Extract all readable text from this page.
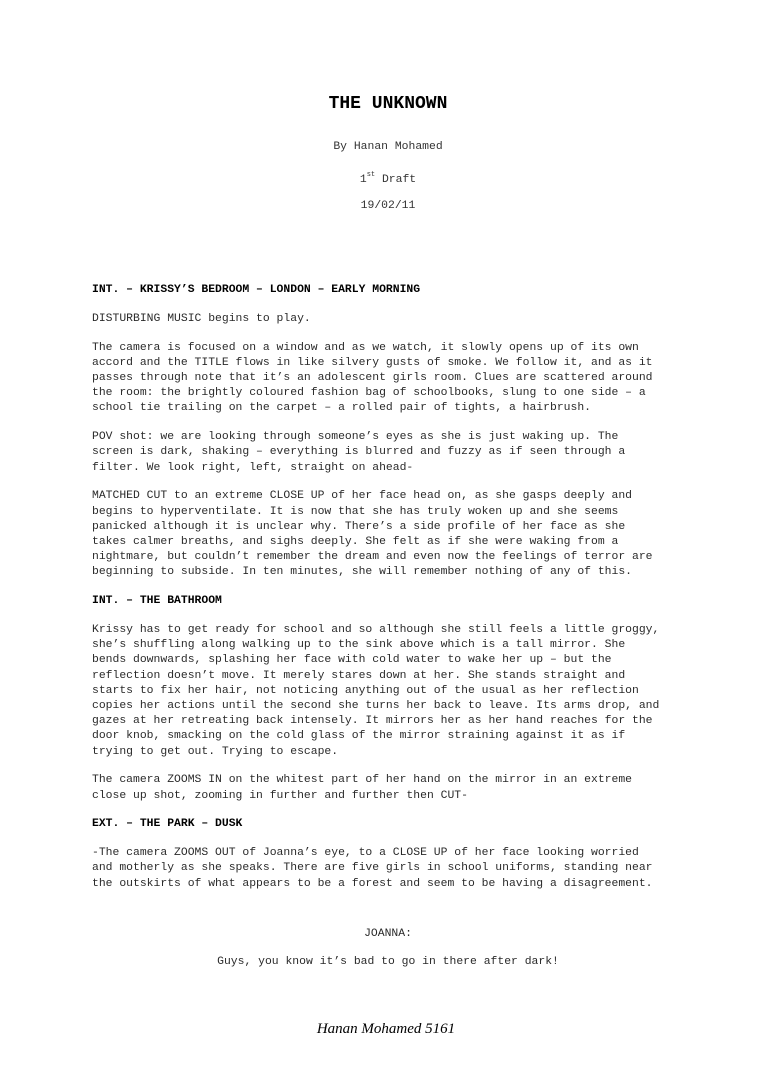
THE UNKNOWN
By Hanan Mohamed
1st Draft
19/02/11
INT. – KRISSY’S BEDROOM – LONDON – EARLY MORNING
DISTURBING MUSIC begins to play.
The camera is focused on a window and as we watch, it slowly opens up of its own
accord and the TITLE flows in like silvery gusts of smoke. We follow it, and as it
passes through note that it’s an adolescent girls room. Clues are scattered around
the room: the brightly coloured fashion bag of schoolbooks, slung to one side – a
school tie trailing on the carpet – a rolled pair of tights, a hairbrush.
POV shot: we are looking through someone’s eyes as she is just waking up. The
screen is dark, shaking – everything is blurred and fuzzy as if seen through a
filter. We look right, left, straight on ahead-
MATCHED CUT to an extreme CLOSE UP of her face head on, as she gasps deeply and
begins to hyperventilate. It is now that she has truly woken up and she seems
panicked although it is unclear why. There’s a side profile of her face as she
takes calmer breaths, and sighs deeply. She felt as if she were waking from a
nightmare, but couldn’t remember the dream and even now the feelings of terror are
beginning to subside. In ten minutes, she will remember nothing of any of this.
INT. – THE BATHROOM
Krissy has to get ready for school and so although she still feels a little groggy,
she’s shuffling along walking up to the sink above which is a tall mirror. She
bends downwards, splashing her face with cold water to wake her up – but the
reflection doesn’t move. It merely stares down at her. She stands straight and
starts to fix her hair, not noticing anything out of the usual as her reflection
copies her actions until the second she turns her back to leave. Its arms drop, and
gazes at her retreating back intensely. It mirrors her as her hand reaches for the
door knob, smacking on the cold glass of the mirror straining against it as if
trying to get out. Trying to escape.
The camera ZOOMS IN on the whitest part of her hand on the mirror in an extreme
close up shot, zooming in further and further then CUT-
EXT. – THE PARK – DUSK
-The camera ZOOMS OUT of Joanna’s eye, to a CLOSE UP of her face looking worried
and motherly as she speaks. There are five girls in school uniforms, standing near
the outskirts of what appears to be a forest and seem to be having a disagreement.
JOANNA:
Guys, you know it’s bad to go in there after dark!
Hanan Mohamed 5161
